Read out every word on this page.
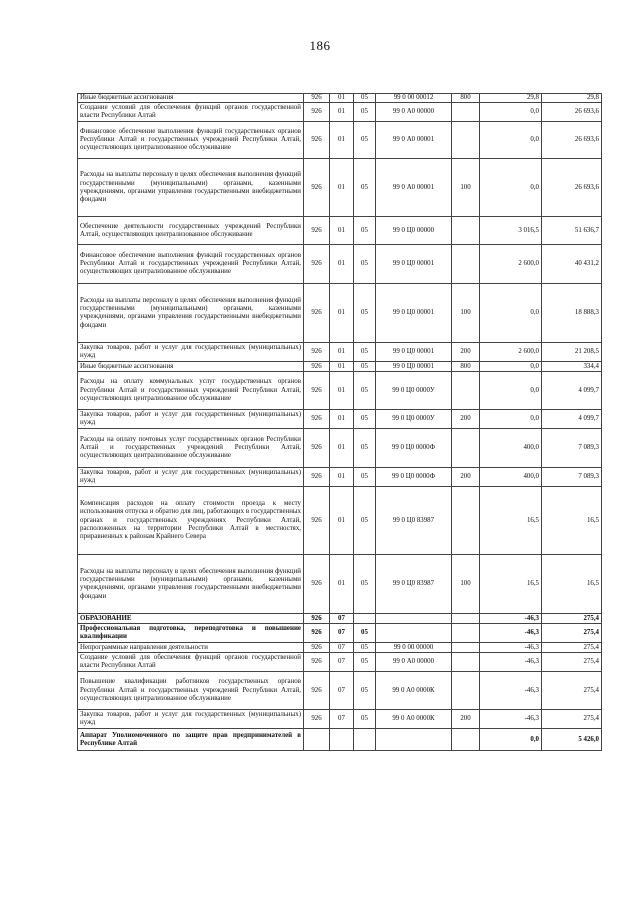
186
Иные бюджетные ассигнования	926	01	05	99 0 00 00012	800	29,8	29,8
Создание условий для обеспечения функций органов государственной власти Республики Алтай	926	01	05	99 0 А0 00000		0,0	26 693,6
Финансовое обеспечение выполнения функций государственных органов Республики Алтай и государственных учреждений Республики Алтай, осуществляющих централизованное обслуживание	926	01	05	99 0 А0 00001		0,0	26 693,6
Расходы на выплаты персоналу в целях обеспечения выполнения функций государственными (муниципальными) органами, казенными учреждениями, органами управления государственными внебюджетными фондами	926	01	05	99 0 А0 00001	100	0,0	26 693,6
Обеспечение деятельности государственных учреждений Республики Алтай, осуществляющих централизованное обслуживание	926	01	05	99 0 Ц0 00000		3 016,5	51 636,7
Финансовое обеспечение выполнения функций государственных органов Республики Алтай и государственных учреждений Республики Алтай, осуществляющих централизованное обслуживание	926	01	05	99 0 Ц0 00001		2 600,0	40 431,2
Расходы на выплаты персоналу в целях обеспечения выполнения функций государственными (муниципальными) органами, казенными учреждениями, органами управления государственными внебюджетными фондами	926	01	05	99 0 Ц0 00001	100	0,0	18 888,3
Закупка товаров, работ и услуг для государственных (муниципальных) нужд	926	01	05	99 0 Ц0 00001	200	2 600,0	21 208,5
Иные бюджетные ассигнования	926	01	05	99 0 Ц0 00001	800	0,0	334,4
Расходы на оплату коммунальных услуг государственных органов Республики Алтай и государственных учреждений Республики Алтай, осуществляющих централизованное обслуживание	926	01	05	99 0 Ц0 0000У		0,0	4 099,7
Закупка товаров, работ и услуг для государственных (муниципальных) нужд	926	01	05	99 0 Ц0 0000У	200	0,0	4 099,7
Расходы на оплату почтовых услуг государственных органов Республики Алтай и государственных учреждений Республики Алтай, осуществляющих централизованное обслуживание	926	01	05	99 0 Ц0 0000Ф		400,0	7 089,3
Закупка товаров, работ и услуг для государственных (муниципальных) нужд	926	01	05	99 0 Ц0 0000Ф	200	400,0	7 089,3
Компенсация расходов на оплату стоимости проезда к месту использования отпуска и обратно для лиц, работающих в государственных органах и государственных учреждениях Республики Алтай, расположенных на территории Республики Алтай в местностях, приравненных к районам Крайнего Севера	926	01	05	99 0 Ц0 83987		16,5	16,5
Расходы на выплаты персоналу в целях обеспечения выполнения функций государственными (муниципальными) органами, казенными учреждениями, органами управления государственными внебюджетными фондами	926	01	05	99 0 Ц0 83987	100	16,5	16,5
ОБРАЗОВАНИЕ	926	07				-46,3	275,4
Профессиональная подготовка, переподготовка и повышение квалификации	926	07	05			-46,3	275,4
Непрограммные направления деятельности	926	07	05	99 0 00 00000		-46,3	275,4
Создание условий для обеспечения функций органов государственной власти Республики Алтай	926	07	05	99 0 А0 00000		-46,3	275,4
Повышение квалификации работников государственных органов Республики Алтай и государственных учреждений Республики Алтай, осуществляющих централизованное обслуживание	926	07	05	99 0 А0 0000К		-46,3	275,4
Закупка товаров, работ и услуг для государственных (муниципальных) нужд	926	07	05	99 0 А0 0000К	200	-46,3	275,4
Аппарат Уполномоченного по защите прав предпринимателей в Республике Алтай						0,0	5 426,0
